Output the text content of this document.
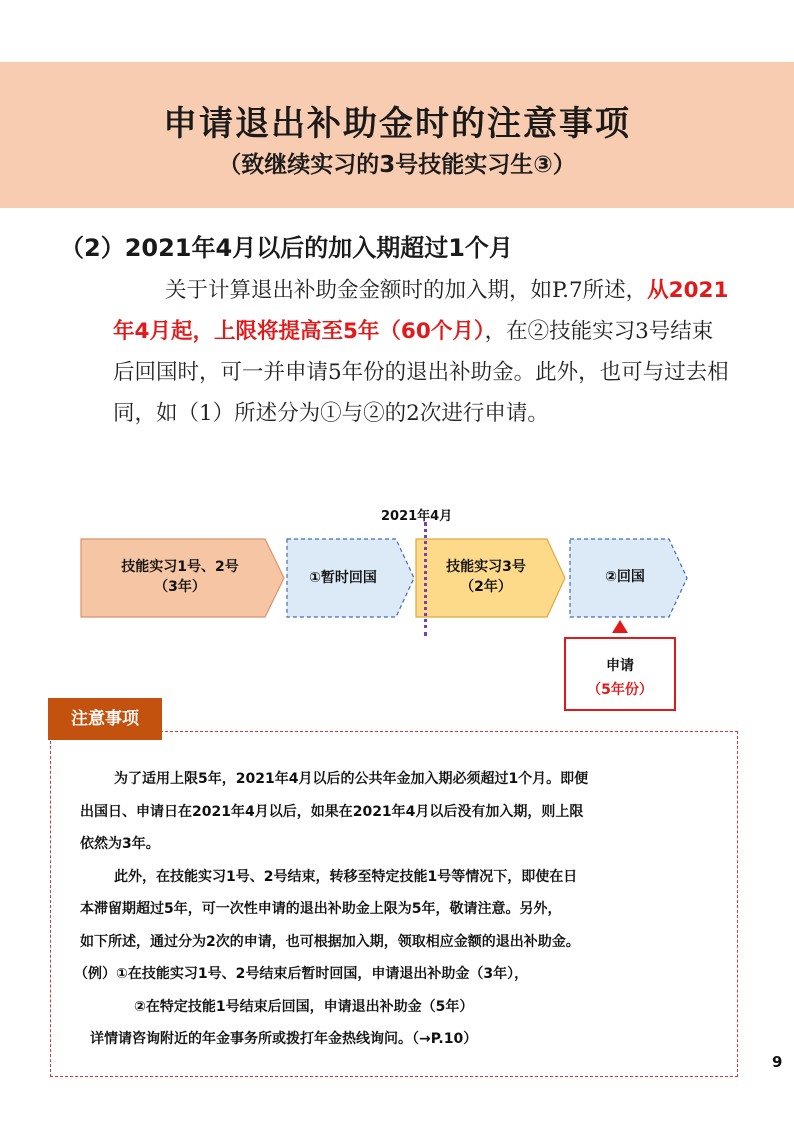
申请退出补助金时的注意事项
（致继续实习的3号技能实习生③）
（2）2021年4月以后的加入期超过1个月
关于计算退出补助金金额时的加入期，如P.7所述，从2021年4月起，上限将提高至5年（60个月），在②技能实习3号结束后回国时，可一并申请5年份的退出补助金。此外，也可与过去相同，如（1）所述分为①与②的2次进行申请。
2021年4月
技能实习1号、2号
（3年）
①暂时回国
技能实习3号
（2年）
②回国
申请
（5年份）
注意事项

为了适用上限5年，2021年4月以后的公共年金加入期必须超过1个月。即便

出国日、申请日在2021年4月以后，如果在2021年4月以后没有加入期，则上限

依然为3年。

此外，在技能实习1号、2号结束，转移至特定技能1号等情况下，即使在日

本滞留期超过5年，可一次性申请的退出补助金上限为5年，敬请注意。另外，

如下所述，通过分为2次的申请，也可根据加入期，领取相应金额的退出补助金。

（例）①在技能实习1号、2号结束后暂时回国，申请退出补助金（3年），

②在特定技能1号结束后回国，申请退出补助金（5年）

详情请咨询附近的年金事务所或拨打年金热线询问。（→P.10）

9
